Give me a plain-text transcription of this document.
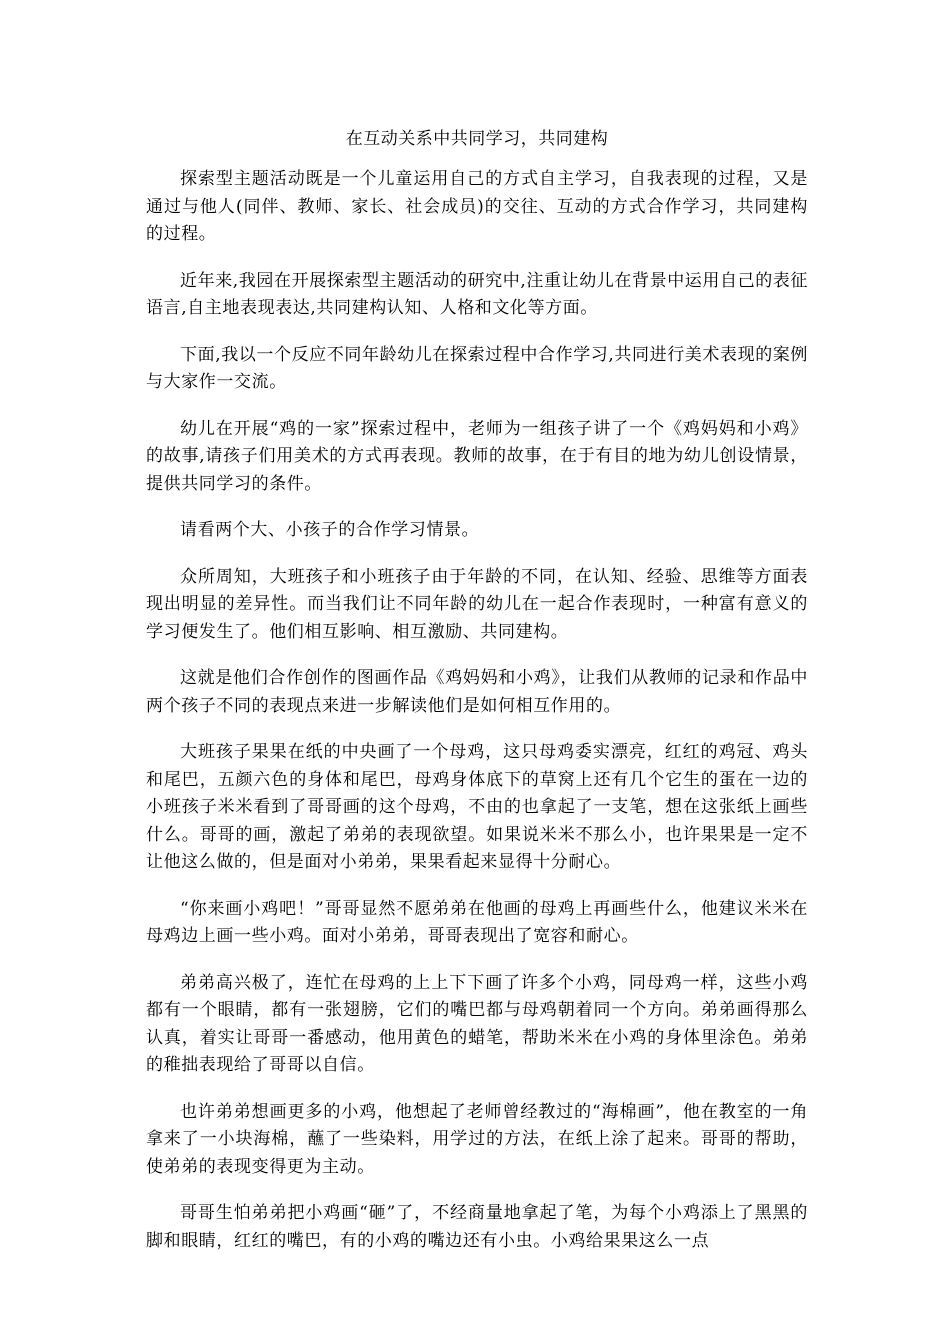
在互动关系中共同学习，共同建构

探索型主题活动既是一个儿童运用自己的方式自主学习，自我表现的过程，又是通过与他人(同伴、教师、家长、社会成员)的交往、互动的方式合作学习，共同建构的过程。

近年来,我园在开展探索型主题活动的研究中,注重让幼儿在背景中运用自己的表征语言,自主地表现表达,共同建构认知、人格和文化等方面。

下面,我以一个反应不同年龄幼儿在探索过程中合作学习,共同进行美术表现的案例与大家作一交流。

幼儿在开展“鸡的一家”探索过程中，老师为一组孩子讲了一个《鸡妈妈和小鸡》的故事,请孩子们用美术的方式再表现。教师的故事，在于有目的地为幼儿创设情景，提供共同学习的条件。

请看两个大、小孩子的合作学习情景。

众所周知，大班孩子和小班孩子由于年龄的不同，在认知、经验、思维等方面表现出明显的差异性。而当我们让不同年龄的幼儿在一起合作表现时，一种富有意义的学习便发生了。他们相互影响、相互激励、共同建构。

这就是他们合作创作的图画作品《鸡妈妈和小鸡》，让我们从教师的记录和作品中两个孩子不同的表现点来进一步解读他们是如何相互作用的。

大班孩子果果在纸的中央画了一个母鸡，这只母鸡委实漂亮，红红的鸡冠、鸡头和尾巴，五颜六色的身体和尾巴，母鸡身体底下的草窝上还有几个它生的蛋在一边的小班孩子米米看到了哥哥画的这个母鸡，不由的也拿起了一支笔，想在这张纸上画些什么。哥哥的画，激起了弟弟的表现欲望。如果说米米不那么小，也许果果是一定不让他这么做的，但是面对小弟弟，果果看起来显得十分耐心。

“你来画小鸡吧！”哥哥显然不愿弟弟在他画的母鸡上再画些什么，他建议米米在母鸡边上画一些小鸡。面对小弟弟，哥哥表现出了宽容和耐心。

弟弟高兴极了，连忙在母鸡的上上下下画了许多个小鸡，同母鸡一样，这些小鸡都有一个眼睛，都有一张翅膀，它们的嘴巴都与母鸡朝着同一个方向。弟弟画得那么认真，着实让哥哥一番感动，他用黄色的蜡笔，帮助米米在小鸡的身体里涂色。弟弟的稚拙表现给了哥哥以自信。

也许弟弟想画更多的小鸡，他想起了老师曾经教过的“海棉画”，他在教室的一角拿来了一小块海棉，蘸了一些染料，用学过的方法，在纸上涂了起来。哥哥的帮助，使弟弟的表现变得更为主动。

哥哥生怕弟弟把小鸡画“砸”了，不经商量地拿起了笔，为每个小鸡添上了黑黑的脚和眼睛，红红的嘴巴，有的小鸡的嘴边还有小虫。小鸡给果果这么一点
